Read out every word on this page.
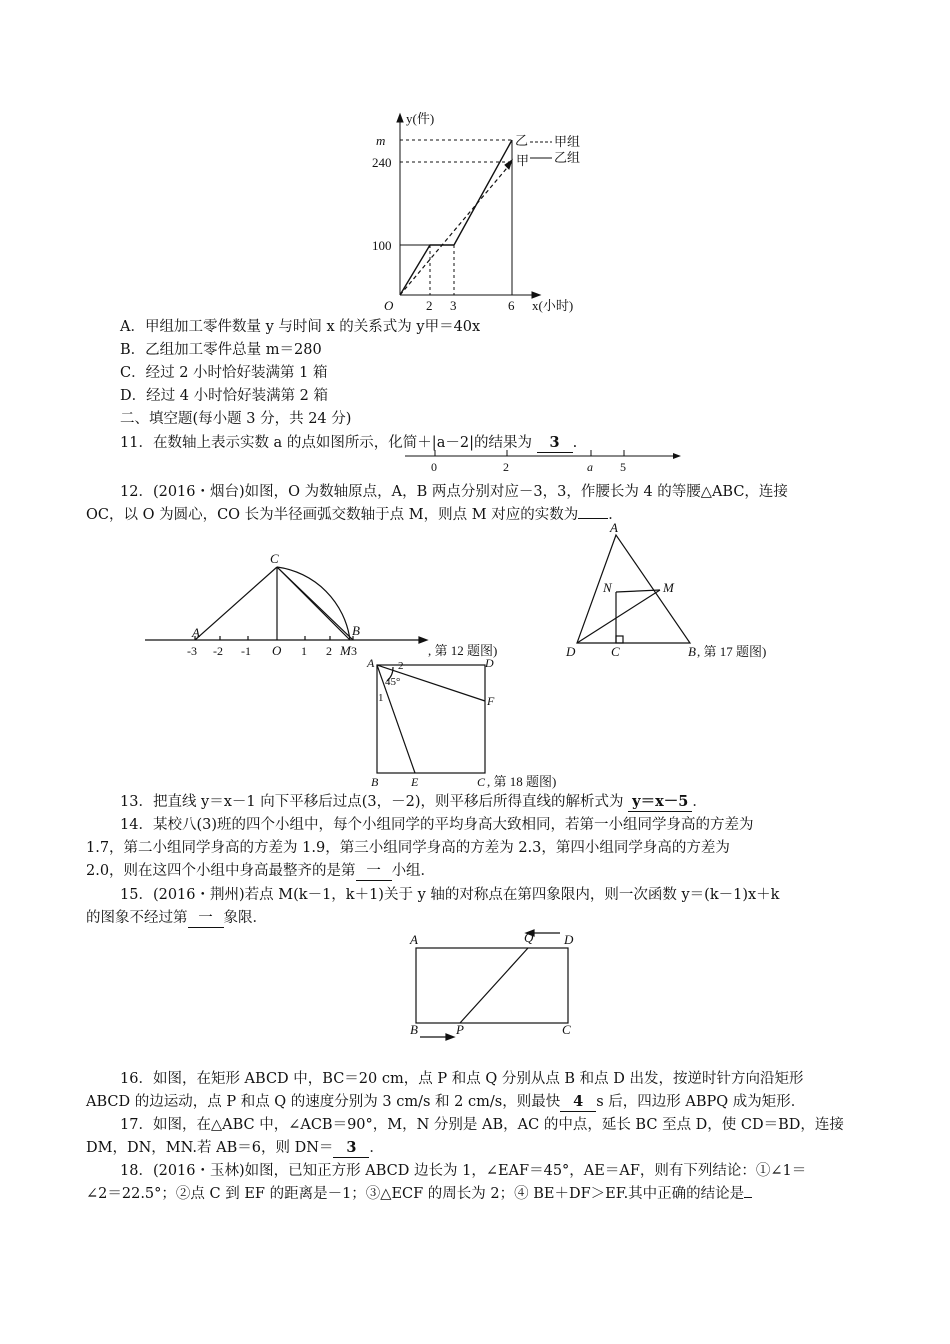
y(件)
m
240
100
O	2 3	6 x(小时)
乙
甲
甲组
乙组
A．甲组加工零件数量 y 与时间 x 的关系式为 y甲＝40x
B．乙组加工零件总量 m＝280
C．经过 2 小时恰好装满第 1 箱
D．经过 4 小时恰好装满第 2 箱
二、填空题(每小题 3 分，共 24 分)
11．在数轴上表示实数 a 的点如图所示，化简＋|a－2|的结果为 3 .
0	2	a 5
12．(2016・烟台)如图，O 为数轴原点，A，B 两点分别对应－3，3，作腰长为 4 的等腰△ABC，连接
OC，以 O 为圆心，CO 长为半径画弧交数轴于点 M，则点 M 对应的实数为 ．
C
A	B
-3 -2 -1 O 1 2 M 3	, 第 12 题图)
A
N	M
D	C	B , 第 17 题图)
A 2
45°
1
D
F
B	E	C , 第 18 题图)
13．把直线 y＝x－1 向下平移后过点(3，－2)，则平移后所得直线的解析式为 y＝x－5 ．
14．某校八(3)班的四个小组中，每个小组同学的平均身高大致相同，若第一小组同学身高的方差为
1.7，第二小组同学身高的方差为 1.9，第三小组同学身高的方差为 2.3，第四小组同学身高的方差为
2.0，则在这四个小组中身高最整齐的是第 一 小组．
15．(2016・荆州)若点 M(k－1，k＋1)关于 y 轴的对称点在第四象限内，则一次函数 y＝(k－1)x＋k
的图象不经过第 一 象限．
A	Q D
B	P	C
16．如图，在矩形 ABCD 中，BC＝20 cm，点 P 和点 Q 分别从点 B 和点 D 出发，按逆时针方向沿矩形
ABCD 的边运动，点 P 和点 Q 的速度分别为 3 cm/s 和 2 cm/s，则最快 4 s 后，四边形 ABPQ 成为矩形．
17．如图，在△ABC 中，∠ACB＝90°，M，N 分别是 AB，AC 的中点，延长 BC 至点 D，使 CD＝BD，连接
DM，DN，MN.若 AB＝6，则 DN＝ 3 ．
18．(2016・玉林)如图，已知正方形 ABCD 边长为 1，∠EAF＝45°，AE＝AF，则有下列结论：①∠1＝
∠2＝22.5°；②点 C 到 EF 的距离是－1；③△ECF 的周长为 2；④ BE＋DF＞EF.其中正确的结论是
